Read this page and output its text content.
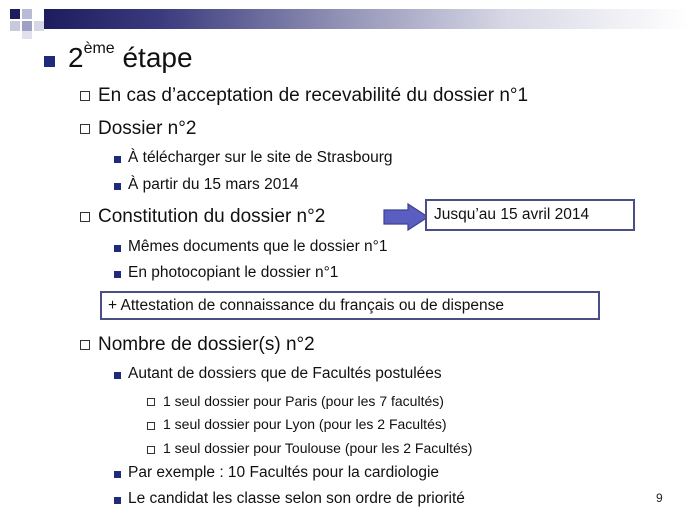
2ème étape
En cas d’acceptation de recevabilité du dossier n°1
Dossier n°2
À télécharger sur le site de Strasbourg
À partir du 15 mars 2014
Constitution du dossier n°2	Jusqu’au 15 avril 2014
Mêmes documents que le dossier n°1
En photocopiant le dossier n°1
+ Attestation de connaissance du français ou de dispense
Nombre de dossier(s) n°2
Autant de dossiers que de Facultés postulées
1 seul dossier pour Paris (pour les 7 facultés)
1 seul dossier pour Lyon (pour les 2 Facultés)
1 seul dossier pour Toulouse (pour les 2 Facultés)
Par exemple : 10 Facultés pour la cardiologie
Le candidat les classe selon son ordre de priorité	9
